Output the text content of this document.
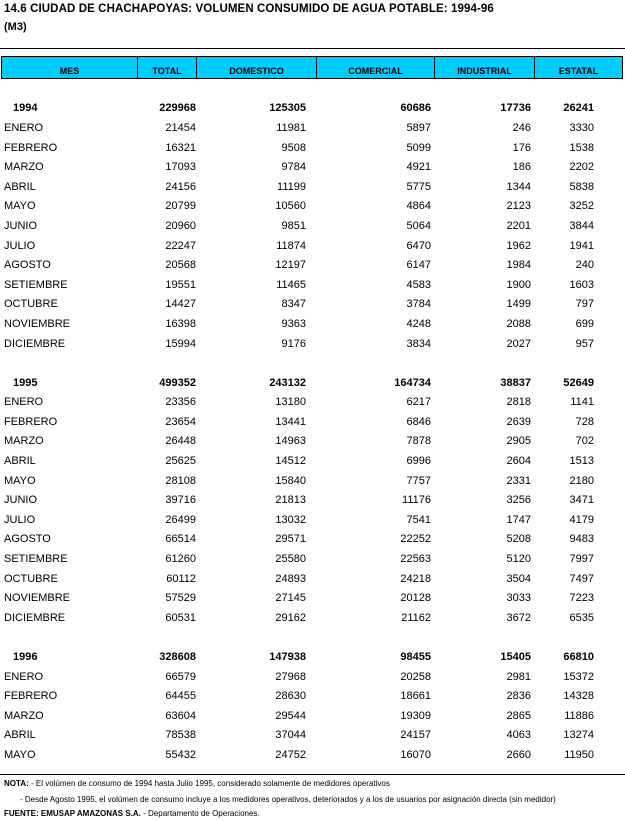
14.6 CIUDAD DE CHACHAPOYAS: VOLUMEN CONSUMIDO DE AGUA POTABLE: 1994-96
(M3)
MES	TOTAL	DOMESTICO	COMERCIAL	INDUSTRIAL	ESTATAL
1994	229968	125305	60686	17736	26241
ENERO	21454	11981	5897	246	3330
FEBRERO	16321	9508	5099	176	1538
MARZO	17093	9784	4921	186	2202
ABRIL	24156	11199	5775	1344	5838
MAYO	20799	10560	4864	2123	3252
JUNIO	20960	9851	5064	2201	3844
JULIO	22247	11874	6470	1962	1941
AGOSTO	20568	12197	6147	1984	240
SETIEMBRE	19551	11465	4583	1900	1603
OCTUBRE	14427	8347	3784	1499	797
NOVIEMBRE	16398	9363	4248	2088	699
DICIEMBRE	15994	9176	3834	2027	957
1995	499352	243132	164734	38837	52649
ENERO	23356	13180	6217	2818	1141
FEBRERO	23654	13441	6846	2639	728
MARZO	26448	14963	7878	2905	702
ABRIL	25625	14512	6996	2604	1513
MAYO	28108	15840	7757	2331	2180
JUNIO	39716	21813	11176	3256	3471
JULIO	26499	13032	7541	1747	4179
AGOSTO	66514	29571	22252	5208	9483
SETIEMBRE	61260	25580	22563	5120	7997
OCTUBRE	60112	24893	24218	3504	7497
NOVIEMBRE	57529	27145	20128	3033	7223
DICIEMBRE	60531	29162	21162	3672	6535
1996	328608	147938	98455	15405	66810
ENERO	66579	27968	20258	2981	15372
FEBRERO	64455	28630	18661	2836	14328
MARZO	63604	29544	19309	2865	11886
ABRIL	78538	37044	24157	4063	13274
MAYO	55432	24752	16070	2660	11950
NOTA: - El volúmen de consumo de 1994 hasta Julio 1995, considerado solamente de medidores operativos
- Desde Agosto 1995, el volúmen de consumo incluye a los medidores operativos, deteriorados y a los de usuarios por asignación directa (sin medidor)
FUENTE: EMUSAP AMAZONAS S.A. - Departamento de Operaciones.
